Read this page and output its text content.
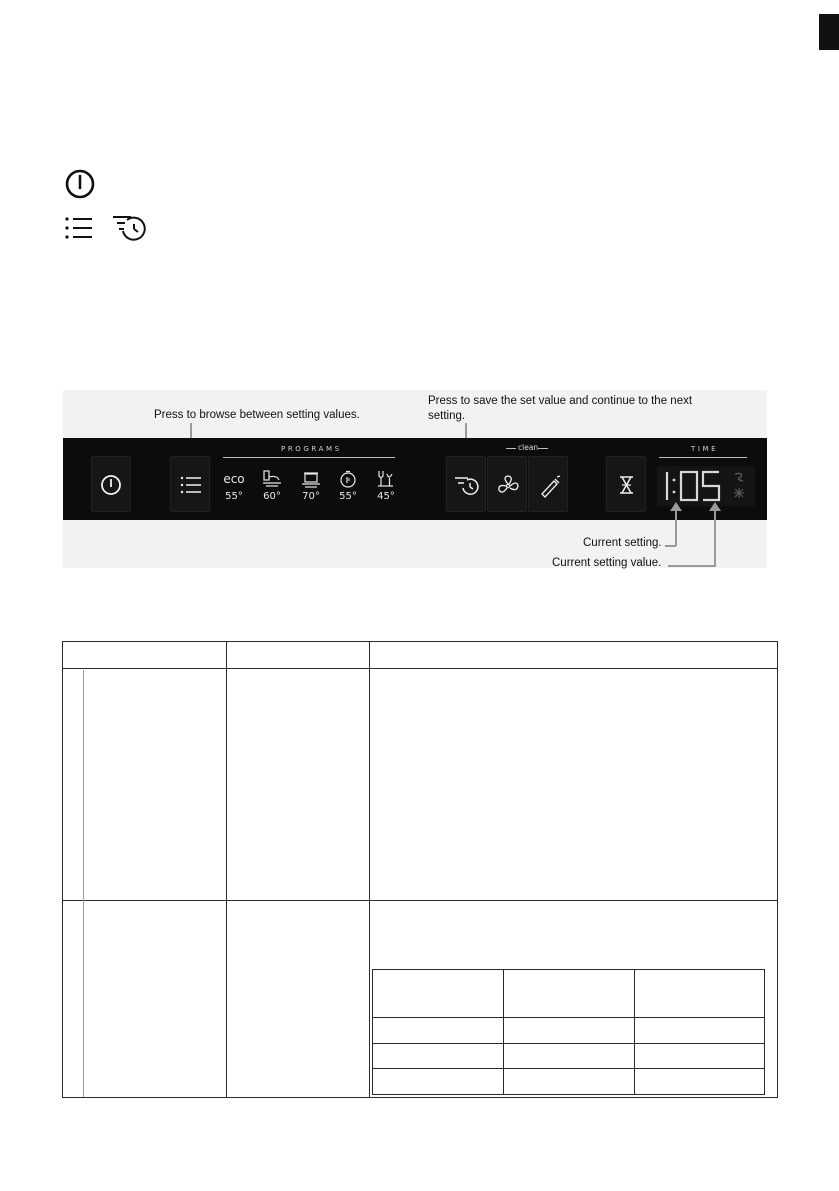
Press to browse between setting values.
Press to save the set value and continue to the next
setting.
PROGRAMS
eco
55°	60°	70°	55°	45°
clean	TIME
Current setting.
Current setting value.
